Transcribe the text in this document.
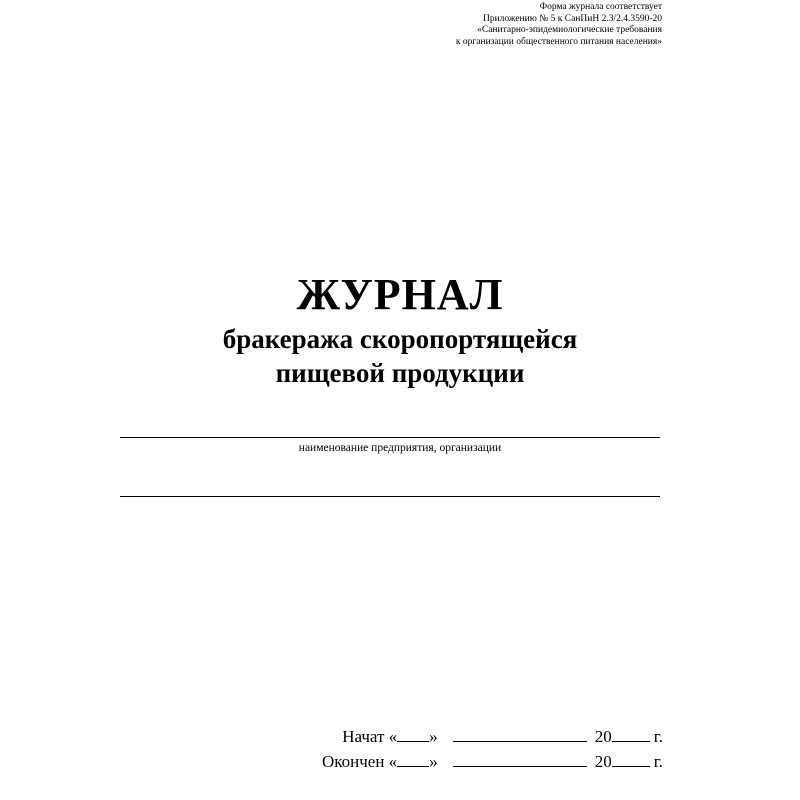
Форма журнала соответствует
Приложению № 5 к СанПиН 2.3/2.4.3590-20
«Санитарно-эпидемиологические требования
к организации общественного питания населения»
ЖУРНАЛ
бракеража скоропортящейся
пищевой продукции
наименование предприятия, организации
Начат « »	20 г.
Окончен « »	20 г.
